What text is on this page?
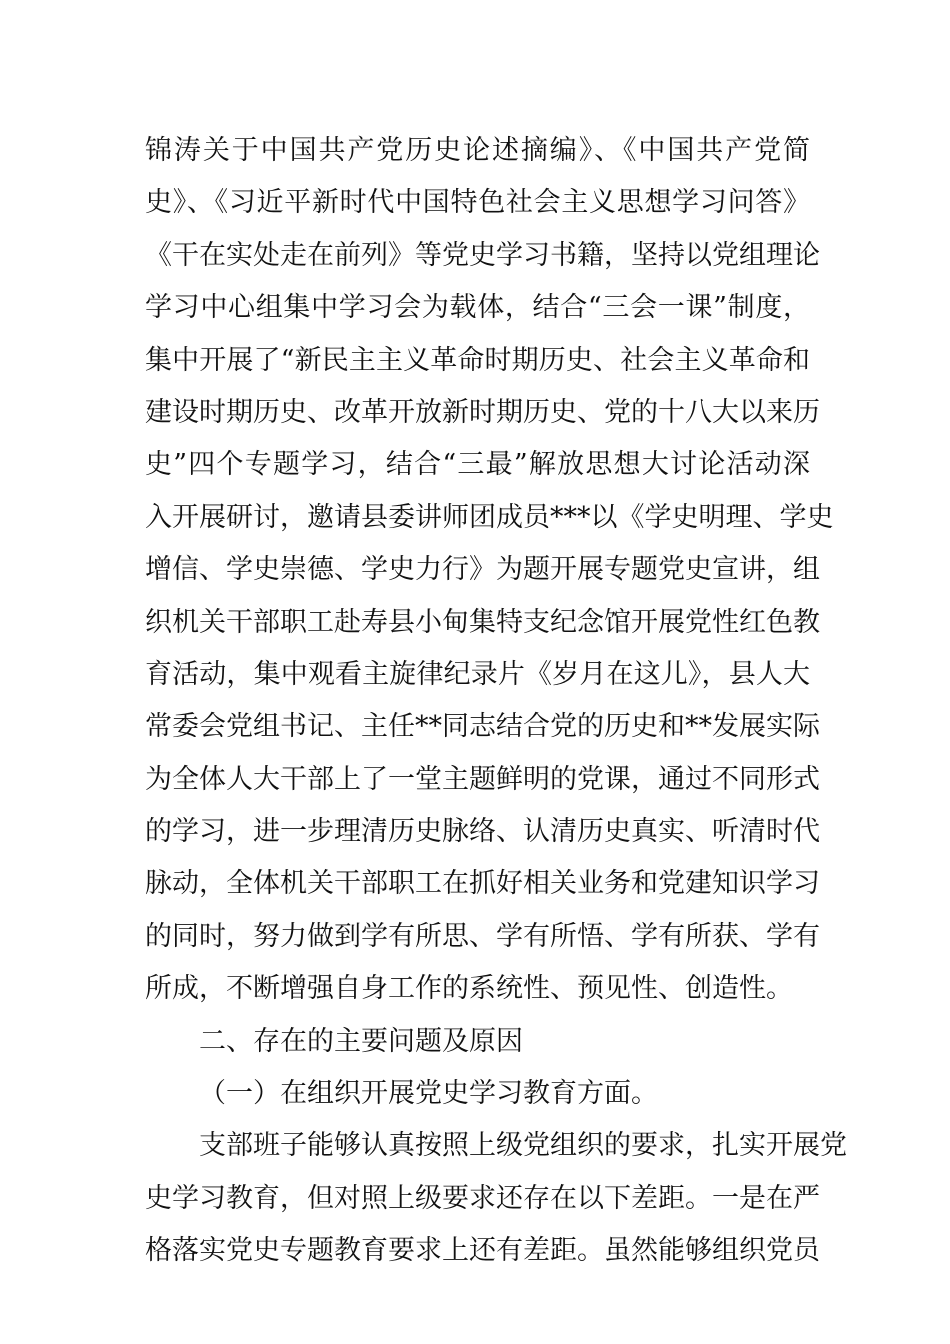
锦涛关于中国共产党历史论述摘编》、《中国共产党简
史》、《习近平新时代中国特色社会主义思想学习问答》
《干在实处走在前列》等党史学习书籍，坚持以党组理论
学习中心组集中学习会为载体，结合“三会一课”制度，
集中开展了“新民主主义革命时期历史、社会主义革命和
建设时期历史、改革开放新时期历史、党的十八大以来历
史”四个专题学习，结合“三最”解放思想大讨论活动深
入开展研讨，邀请县委讲师团成员***以《学史明理、学史
增信、学史崇德、学史力行》为题开展专题党史宣讲，组
织机关干部职工赴寿县小甸集特支纪念馆开展党性红色教
育活动，集中观看主旋律纪录片《岁月在这儿》，县人大
常委会党组书记、主任**同志结合党的历史和**发展实际
为全体人大干部上了一堂主题鲜明的党课，通过不同形式
的学习，进一步理清历史脉络、认清历史真实、听清时代
脉动，全体机关干部职工在抓好相关业务和党建知识学习
的同时，努力做到学有所思、学有所悟、学有所获、学有
所成，不断增强自身工作的系统性、预见性、创造性。
二、存在的主要问题及原因
（一）在组织开展党史学习教育方面。
支部班子能够认真按照上级党组织的要求，扎实开展党
史学习教育，但对照上级要求还存在以下差距。一是在严
格落实党史专题教育要求上还有差距。虽然能够组织党员
